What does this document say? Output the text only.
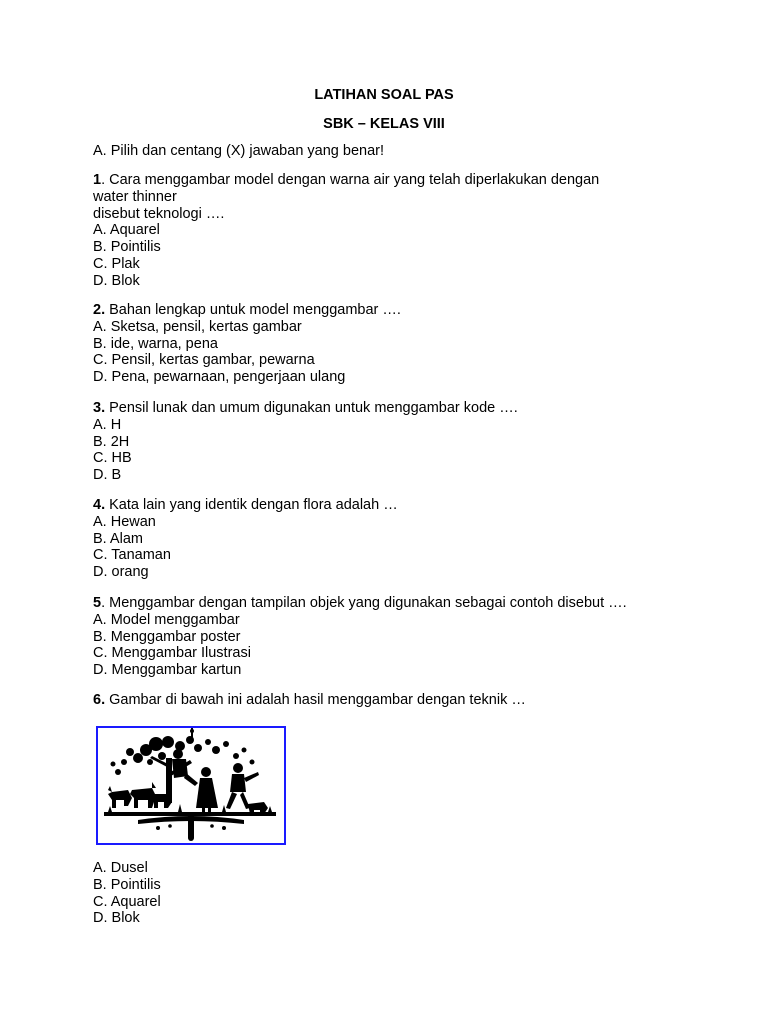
LATIHAN SOAL PAS
SBK – KELAS VIII
A. Pilih dan centang (X) jawaban yang benar!
1. Cara menggambar model dengan warna air yang telah diperlakukan dengan
water thinner
disebut teknologi ….
A. Aquarel
B. Pointilis
C. Plak
D. Blok
2. Bahan lengkap untuk model menggambar ….
A. Sketsa, pensil, kertas gambar
B. ide, warna, pena
C. Pensil, kertas gambar, pewarna
D. Pena, pewarnaan, pengerjaan ulang
3. Pensil lunak dan umum digunakan untuk menggambar kode ….
A. H
B. 2H
C. HB
D. B
4. Kata lain yang identik dengan flora adalah …
A. Hewan
B. Alam
C. Tanaman
D. orang
5. Menggambar dengan tampilan objek yang digunakan sebagai contoh disebut ….
A. Model menggambar
B. Menggambar poster
C. Menggambar Ilustrasi
D. Menggambar kartun
6. Gambar di bawah ini adalah hasil menggambar dengan teknik …
A. Dusel
B. Pointilis
C. Aquarel
D. Blok
